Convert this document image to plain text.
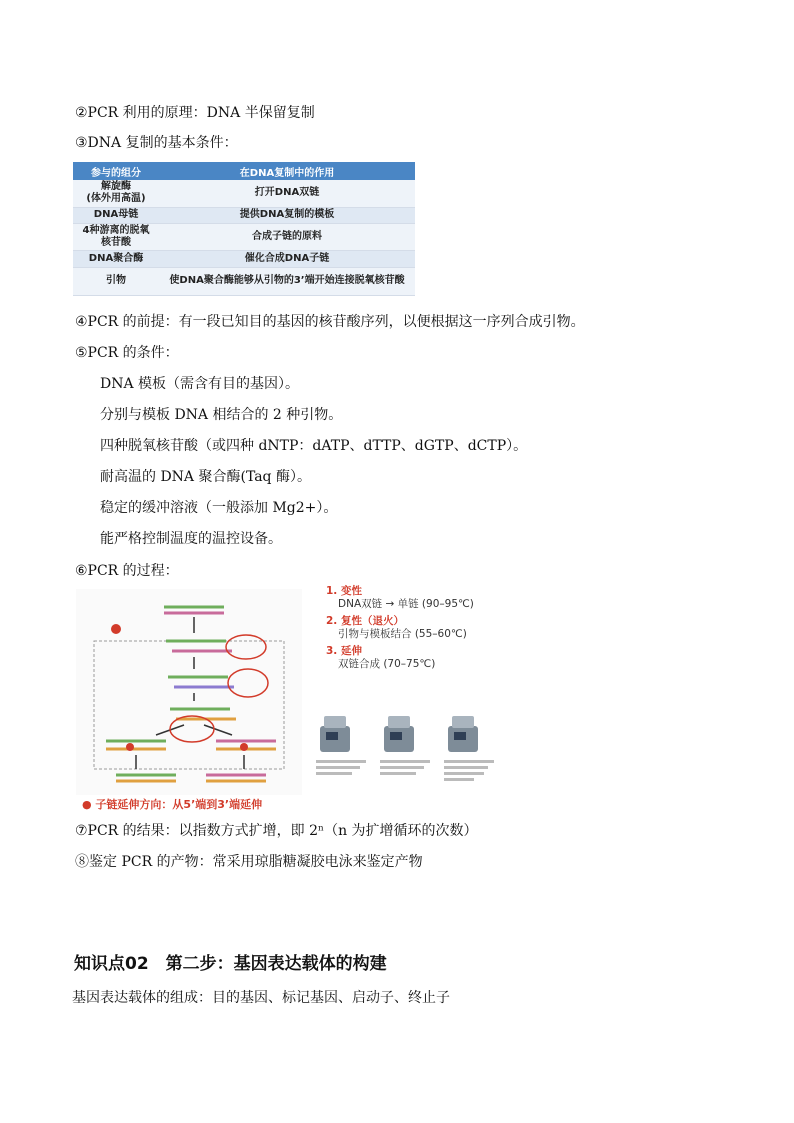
②PCR 利用的原理：DNA 半保留复制
③DNA 复制的基本条件：
参与的组分	在DNA复制中的作用
解旋酶
(体外用高温)	打开DNA双链
DNA母链	提供DNA复制的模板
4种游离的脱氧
核苷酸	合成子链的原料
DNA聚合酶	催化合成DNA子链
引物	使DNA聚合酶能够从引物的3’端开始连接脱氧核苷酸
④PCR 的前提：有一段已知目的基因的核苷酸序列，以便根据这一序列合成引物。
⑤PCR 的条件：
DNA 模板（需含有目的基因）。
分别与模板 DNA 相结合的 2 种引物。
四种脱氧核苷酸（或四种 dNTP：dATP、dTTP、dGTP、dCTP）。
耐高温的 DNA 聚合酶(Taq 酶）。
稳定的缓冲溶液（一般添加 Mg2+）。
能严格控制温度的温控设备。
⑥PCR 的过程：
● 子链延伸方向：从5’端到3’端延伸
1. 变性
DNA双链 → 单链 (90–95℃)
2. 复性（退火）
引物与模板结合 (55–60℃)
3. 延伸
双链合成 (70–75℃)
⑦PCR 的结果：以指数方式扩增，即 2ⁿ（n 为扩增循环的次数）
⑧鉴定 PCR 的产物：常采用琼脂糖凝胶电泳来鉴定产物
知识点02　第二步：基因表达载体的构建
基因表达载体的组成：目的基因、标记基因、启动子、终止子
